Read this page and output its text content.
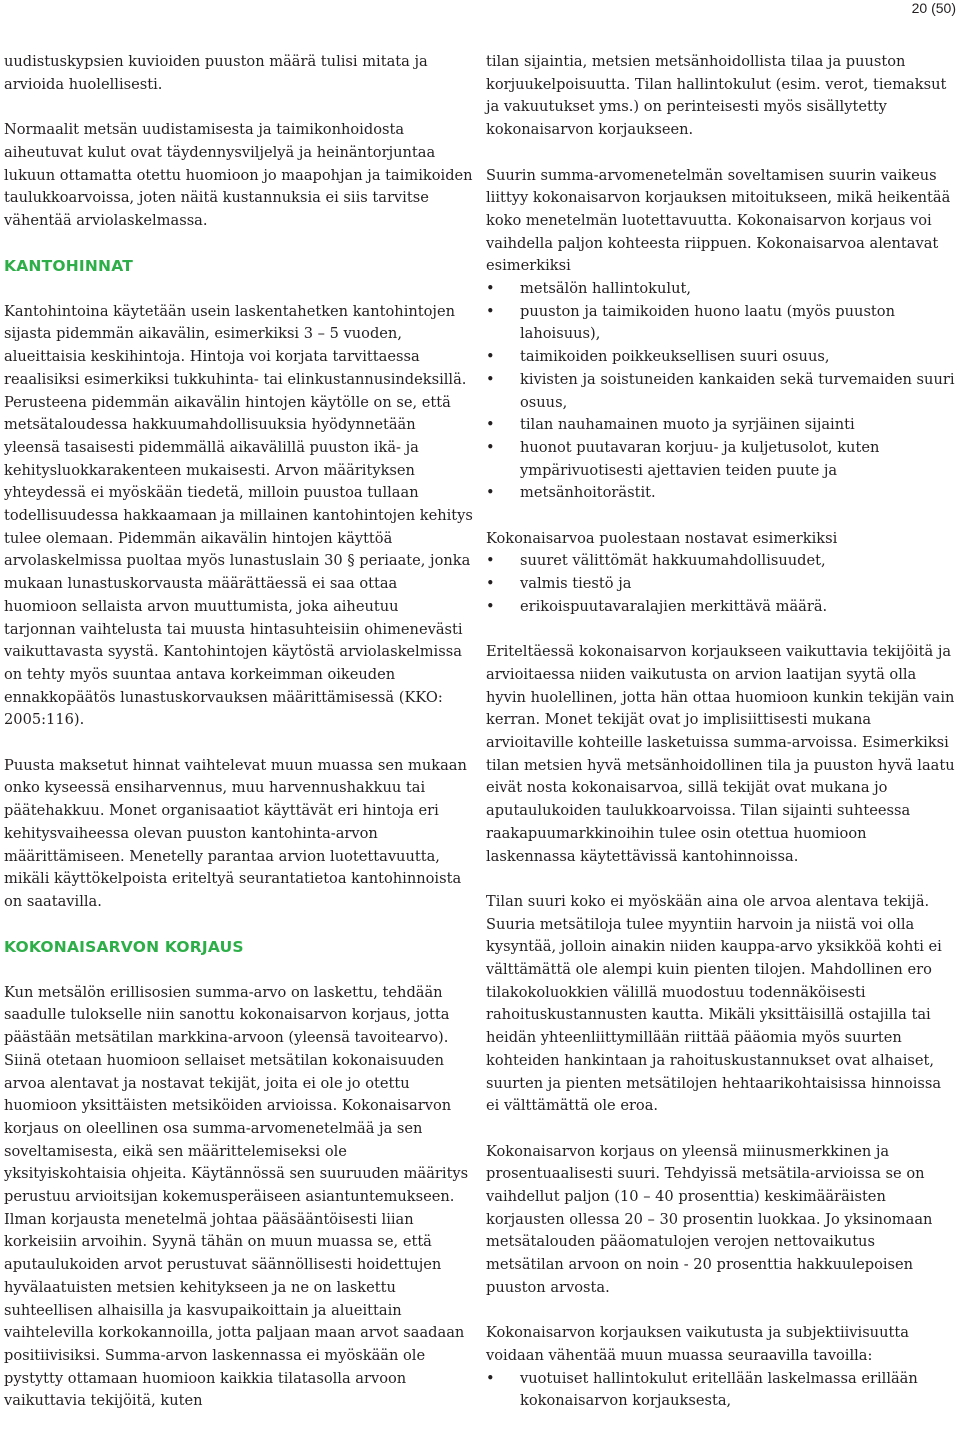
20 (50)

uudistuskypsien kuvioiden puuston määrä tulisi mitata ja arvioida huolellisesti.

Normaalit metsän uudistamisesta ja taimikonhoidosta aiheutuvat kulut ovat täydennysviljelyä ja heinäntorjuntaa lukuun ottamatta otettu huomioon jo maapohjan ja taimikoiden taulukkoarvoissa, joten näitä kustannuksia ei siis tarvitse vähentää arviolaskelmassa.

KANTOHINNAT

Kantohintoina käytetään usein laskentahetken kantohintojen sijasta pidemmän aikavälin, esimerkiksi 3 – 5 vuoden, alueittaisia keskihintoja. Hintoja voi korjata tarvittaessa reaalisiksi esimerkiksi tukkuhinta- tai elinkustannusindeksillä. Perusteena pidemmän aikavälin hintojen käytölle on se, että metsätaloudessa hakkuumahdollisuuksia hyödynnetään yleensä tasaisesti pidemmällä aikavälillä puuston ikä- ja kehitysluokkarakenteen mukaisesti. Arvon määrityksen yhteydessä ei myöskään tiedetä, milloin puustoa tullaan todellisuudessa hakkaamaan ja millainen kantohintojen kehitys tulee olemaan. Pidemmän aikavälin hintojen käyttöä arvolaskelmissa puoltaa myös lunastuslain 30 § periaate, jonka mukaan lunastuskorvausta määrättäessä ei saa ottaa huomioon sellaista arvon muuttumista, joka aiheutuu tarjonnan vaihtelusta tai muusta hintasuhteisiin ohimenevästi vaikuttavasta syystä. Kantohintojen käytöstä arviolaskelmissa on tehty myös suuntaa antava korkeimman oikeuden ennakkopäätös lunastuskorvauksen määrittämisessä (KKO: 2005:116).

Puusta maksetut hinnat vaihtelevat muun muassa sen mukaan onko kyseessä ensiharvennus, muu harvennushakkuu tai päätehakkuu. Monet organisaatiot käyttävät eri hintoja eri kehitysvaiheessa olevan puuston kantohinta-arvon määrittämiseen. Menetelly parantaa arvion luotettavuutta, mikäli käyttökelpoista eriteltyä seurantatietoa kantohinnoista on saatavilla.

KOKONAISARVON KORJAUS

Kun metsälön erillisosien summa-arvo on laskettu, tehdään saadulle tulokselle niin sanottu kokonaisarvon korjaus, jotta päästään metsätilan markkina-arvoon (yleensä tavoitearvo). Siinä otetaan huomioon sellaiset metsätilan kokonaisuuden arvoa alentavat ja nostavat tekijät, joita ei ole jo otettu huomioon yksittäisten metsiköiden arvioissa. Kokonaisarvon korjaus on oleellinen osa summa-arvomenetelmää ja sen soveltamisesta, eikä sen määrittelemiseksi ole yksityiskohtaisia ohjeita. Käytännössä sen suuruuden määritys perustuu arvioitsijan kokemusperäiseen asiantuntemukseen. Ilman korjausta menetelmä johtaa pääsääntöisesti liian korkeisiin arvoihin. Syynä tähän on muun muassa se, että aputaulukoiden arvot perustuvat säännöllisesti hoidettujen hyvälaatuisten metsien kehitykseen ja ne on laskettu suhteellisen alhaisilla ja kasvupaikoittain ja alueittain vaihtelevilla korkokannoilla, jotta paljaan maan arvot saadaan positiivisiksi. Summa-arvon laskennassa ei myöskään ole pystytty ottamaan huomioon kaikkia tilatasolla arvoon vaikuttavia tekijöitä, kuten

tilan sijaintia, metsien metsänhoidollista tilaa ja puuston korjuukelpoisuutta. Tilan hallintokulut (esim. verot, tiemaksut ja vakuutukset yms.) on perinteisesti myös sisällytetty kokonaisarvon korjaukseen.

Suurin summa-arvomenetelmän soveltamisen suurin vaikeus liittyy kokonaisarvon korjauksen mitoitukseen, mikä heikentää koko menetelmän luotettavuutta. Kokonaisarvon korjaus voi vaihdella paljon kohteesta riippuen. Kokonaisarvoa alentavat esimerkiksi

• metsälön hallintokulut,
• puuston ja taimikoiden huono laatu (myös puuston lahoisuus),
• taimikoiden poikkeuksellisen suuri osuus,
• kivisten ja soistuneiden kankaiden sekä turvemaiden suuri osuus,
• tilan nauhamainen muoto ja syrjäinen sijainti
• huonot puutavaran korjuu- ja kuljetusolot, kuten ympärivuotisesti ajettavien teiden puute ja
• metsänhoitorästit.

Kokonaisarvoa puolestaan nostavat esimerkiksi

• suuret välittömät hakkuumahdollisuudet,
• valmis tiestö ja
• erikoispuutavaralajien merkittävä määrä.

Eriteltäessä kokonaisarvon korjaukseen vaikuttavia tekijöitä ja arvioitaessa niiden vaikutusta on arvion laatijan syytä olla hyvin huolellinen, jotta hän ottaa huomioon kunkin tekijän vain kerran. Monet tekijät ovat jo implisiittisesti mukana arvioitaville kohteille lasketuissa summa-arvoissa. Esimerkiksi tilan metsien hyvä metsänhoidollinen tila ja puuston hyvä laatu eivät nosta kokonaisarvoa, sillä tekijät ovat mukana jo aputaulukoiden taulukkoarvoissa. Tilan sijainti suhteessa raakapuumarkkinoihin tulee osin otettua huomioon laskennassa käytettävissä kantohinnoissa.

Tilan suuri koko ei myöskään aina ole arvoa alentava tekijä. Suuria metsätiloja tulee myyntiin harvoin ja niistä voi olla kysyntää, jolloin ainakin niiden kauppa-arvo yksikköä kohti ei välttämättä ole alempi kuin pienten tilojen. Mahdollinen ero tilakokoluokkien välillä muodostuu todennäköisesti rahoituskustannusten kautta. Mikäli yksittäisillä ostajilla tai heidän yhteenliittymillään riittää pääomia myös suurten kohteiden hankintaan ja rahoituskustannukset ovat alhaiset, suurten ja pienten metsätilojen hehtaarikohtaisissa hinnoissa ei välttämättä ole eroa.

Kokonaisarvon korjaus on yleensä miinusmerkkinen ja prosentuaalisesti suuri. Tehdyissä metsätila-arvioissa se on vaihdellut paljon (10 – 40 prosenttia) keskimääräisten korjausten ollessa 20 – 30 prosentin luokkaa. Jo yksinomaan metsätalouden pääomatulojen verojen nettovaikutus metsätilan arvoon on noin - 20 prosenttia hakkuulepoisen puuston arvosta.

Kokonaisarvon korjauksen vaikutusta ja subjektiivisuutta voidaan vähentää muun muassa seuraavilla tavoilla:

• vuotuiset hallintokulut eritellään laskelmassa erillään kokonaisarvon korjauksesta,
